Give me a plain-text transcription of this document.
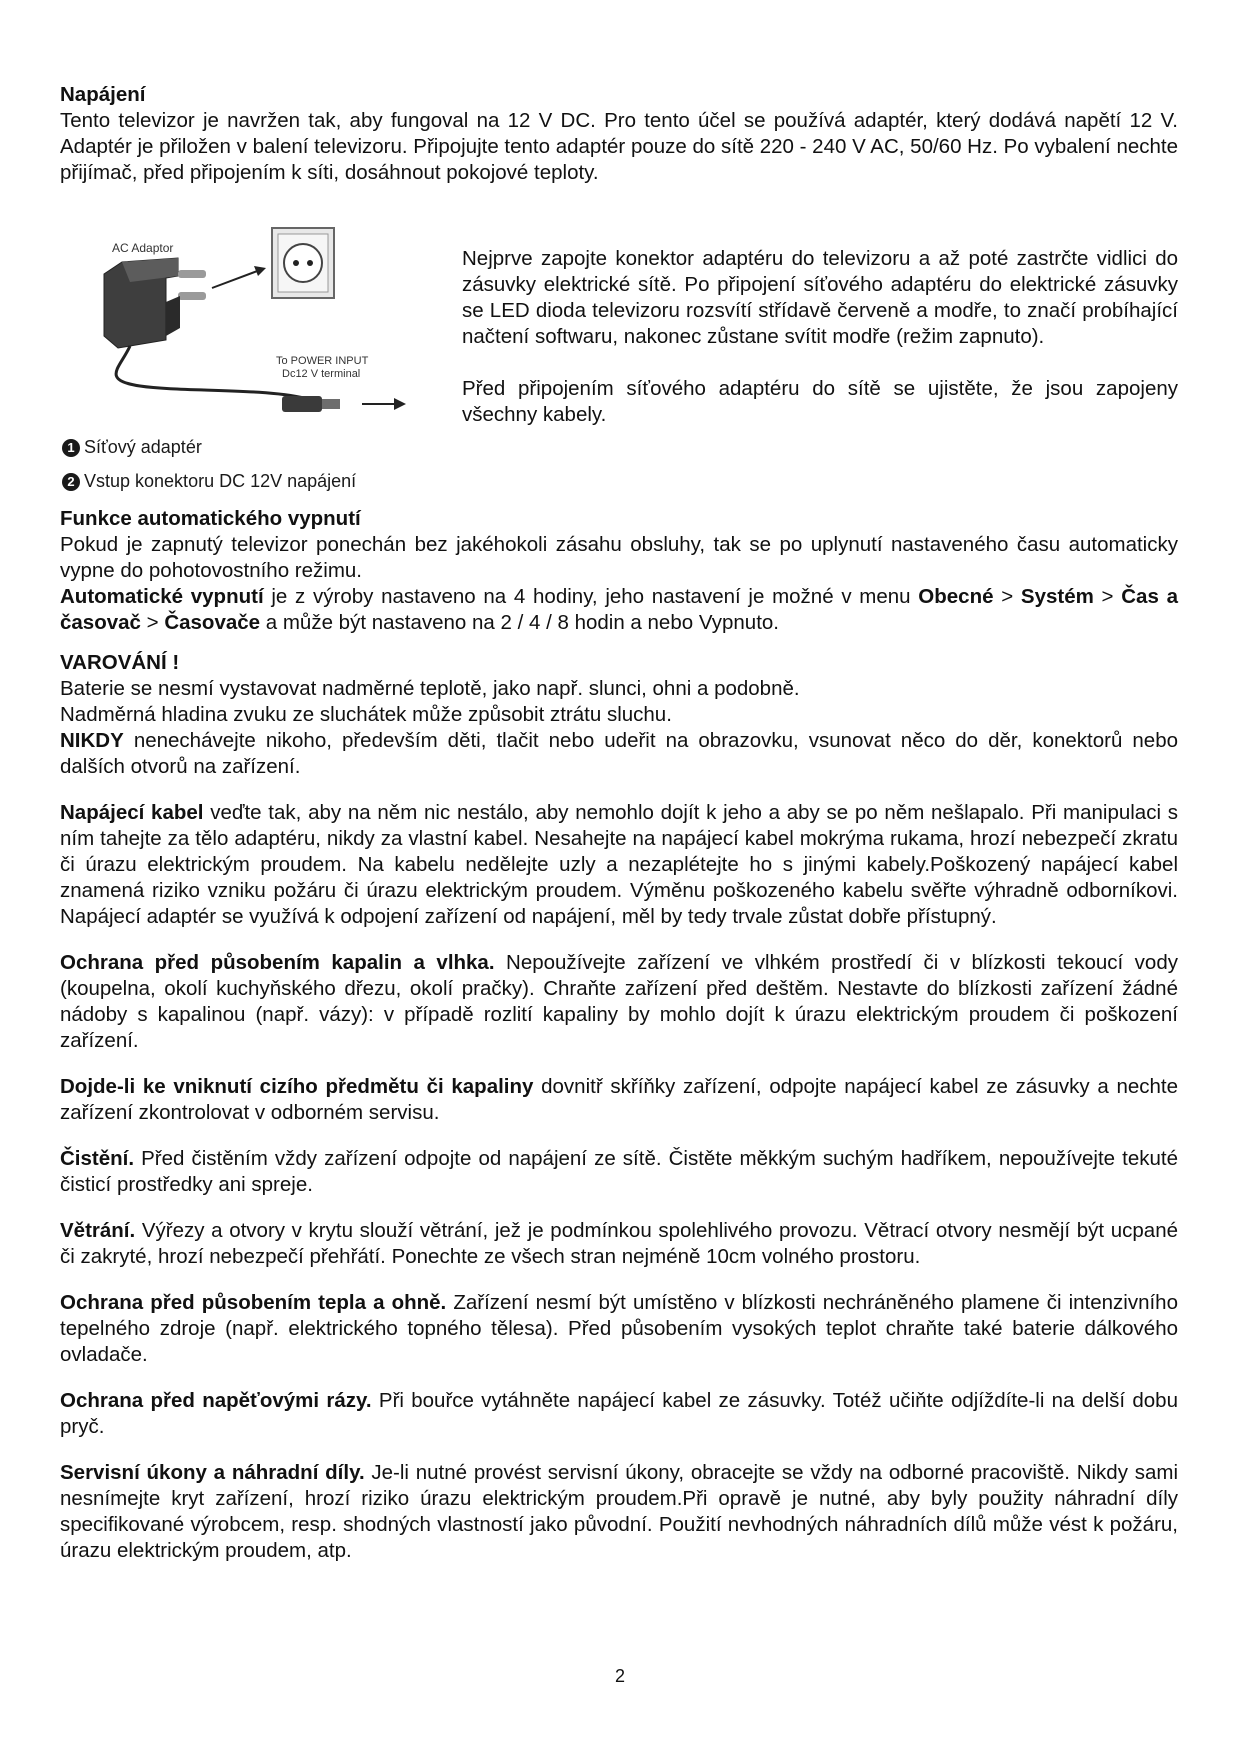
Napájení

Tento televizor je navržen tak, aby fungoval na 12 V DC. Pro tento účel se používá adaptér, který dodává napětí 12 V. Adaptér je přiložen v balení televizoru. Připojujte tento adaptér pouze do sítě 220 - 240 V AC, 50/60 Hz. Po vybalení nechte přijímač, před připojením k síti, dosáhnout pokojové teploty.

AC Adaptor
To POWER INPUT
Dc12 V terminal
1 Síťový adaptér
2 Vstup konektoru DC 12V napájení

Nejprve zapojte konektor adaptéru do televizoru a až poté zastrčte vidlici do zásuvky elektrické sítě. Po připojení síťového adaptéru do elektrické zásuvky se LED dioda televizoru rozsvítí střídavě červeně a modře, to značí probíhající načtení softwaru, nakonec zůstane svítit modře (režim zapnuto).

Před připojením síťového adaptéru do sítě se ujistěte, že jsou zapojeny všechny kabely.

Funkce automatického vypnutí

Pokud je zapnutý televizor ponechán bez jakéhokoli zásahu obsluhy, tak se po uplynutí nastaveného času automaticky vypne do pohotovostního režimu.

Automatické vypnutí je z výroby nastaveno na 4 hodiny, jeho nastavení je možné v menu Obecné > Systém > Čas a časovač > Časovače a může být nastaveno na 2 / 4 / 8 hodin a nebo Vypnuto.

VAROVÁNÍ !

Baterie se nesmí vystavovat nadměrné teplotě, jako např. slunci, ohni a podobně.

Nadměrná hladina zvuku ze sluchátek může způsobit ztrátu sluchu.

NIKDY nenechávejte nikoho, především děti, tlačit nebo udeřit na obrazovku, vsunovat něco do děr, konektorů nebo dalších otvorů na zařízení.

Napájecí kabel veďte tak, aby na něm nic nestálo, aby nemohlo dojít k jeho a aby se po něm nešlapalo. Při manipulaci s ním tahejte za tělo adaptéru, nikdy za vlastní kabel. Nesahejte na napájecí kabel mokrýma rukama, hrozí nebezpečí zkratu či úrazu elektrickým proudem. Na kabelu nedělejte uzly a nezaplétejte ho s jinými kabely.Poškozený napájecí kabel znamená riziko vzniku požáru či úrazu elektrickým proudem. Výměnu poškozeného kabelu svěřte výhradně odborníkovi. Napájecí adaptér se využívá k odpojení zařízení od napájení, měl by tedy trvale zůstat dobře přístupný.

Ochrana před působením kapalin a vlhka. Nepoužívejte zařízení ve vlhkém prostředí či v blízkosti tekoucí vody (koupelna, okolí kuchyňského dřezu, okolí pračky). Chraňte zařízení před deštěm. Nestavte do blízkosti zařízení žádné nádoby s kapalinou (např. vázy): v případě rozlití kapaliny by mohlo dojít k úrazu elektrickým proudem či poškození zařízení.

Dojde-li ke vniknutí cizího předmětu či kapaliny dovnitř skříňky zařízení, odpojte napájecí kabel ze zásuvky a nechte zařízení zkontrolovat v odborném servisu.

Čistění. Před čistěním vždy zařízení odpojte od napájení ze sítě. Čistěte měkkým suchým hadříkem, nepoužívejte tekuté čisticí prostředky ani spreje.

Větrání. Výřezy a otvory v krytu slouží větrání, jež je podmínkou spolehlivého provozu. Větrací otvory nesmějí být ucpané či zakryté, hrozí nebezpečí přehřátí. Ponechte ze všech stran nejméně 10cm volného prostoru.

Ochrana před působením tepla a ohně. Zařízení nesmí být umístěno v blízkosti nechráněného plamene či intenzivního tepelného zdroje (např. elektrického topného tělesa). Před působením vysokých teplot chraňte také baterie dálkového ovladače.

Ochrana před napěťovými rázy. Při bouřce vytáhněte napájecí kabel ze zásuvky. Totéž učiňte odjíždíte-li na delší dobu pryč.

Servisní úkony a náhradní díly. Je-li nutné provést servisní úkony, obracejte se vždy na odborné pracoviště. Nikdy sami nesnímejte kryt zařízení, hrozí riziko úrazu elektrickým proudem.Při opravě je nutné, aby byly použity náhradní díly specifikované výrobcem, resp. shodných vlastností jako původní. Použití nevhodných náhradních dílů může vést k požáru, úrazu elektrickým proudem, atp.

2
